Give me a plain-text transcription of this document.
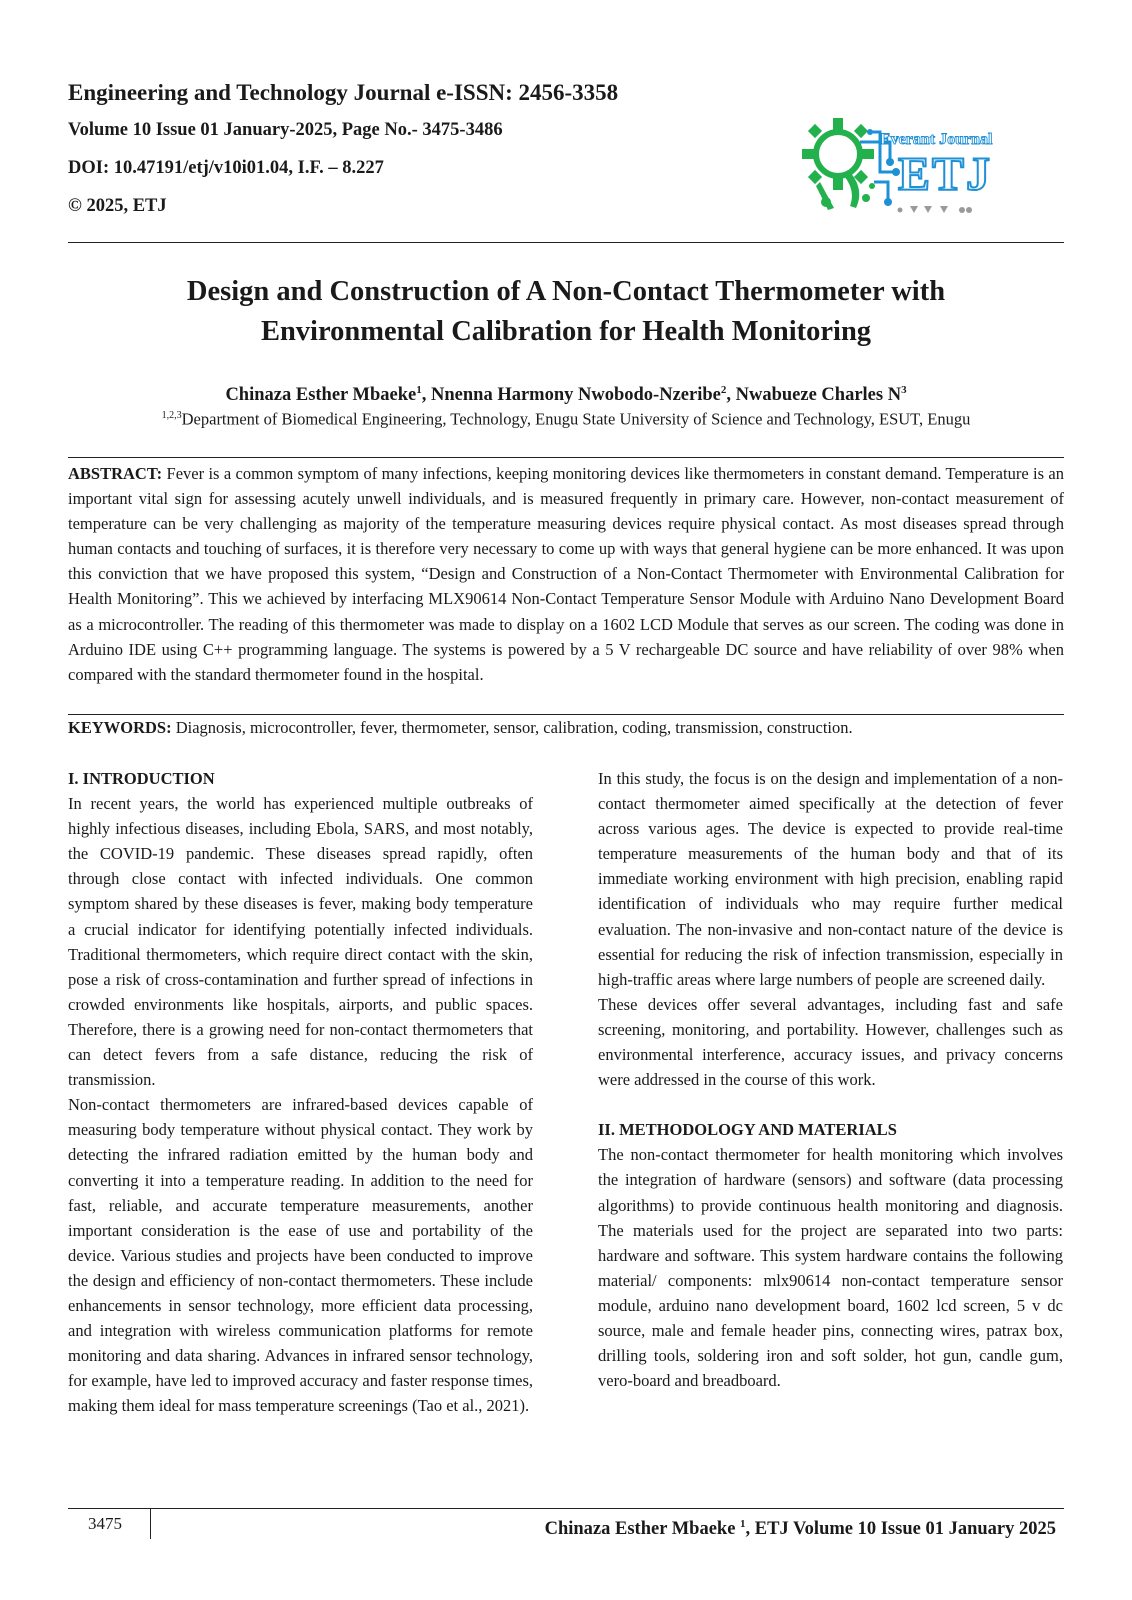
Engineering and Technology Journal e-ISSN: 2456-3358
Volume 10 Issue 01 January-2025, Page No.- 3475-3486
DOI: 10.47191/etj/v10i01.04, I.F. – 8.227
© 2025, ETJ
Everant Journal
ETJ
Design and Construction of A Non-Contact Thermometer with
Environmental Calibration for Health Monitoring
Chinaza Esther Mbaeke$^1$, Nnenna Harmony Nwobodo-Nzeribe$^2$, Nwabueze Charles $N^3$
$^{1,2,3}$Department of Biomedical Engineering, Technology, Enugu State University of Science and Technology, ESUT, Enugu
ABSTRACT: Fever is a common symptom of many infections, keeping monitoring devices like thermometers in constant demand. Temperature is an important vital sign for assessing acutely unwell individuals, and is measured frequently in primary care. However, non-contact measurement of temperature can be very challenging as majority of the temperature measuring devices require physical contact. As most diseases spread through human contacts and touching of surfaces, it is therefore very necessary to come up with ways that general hygiene can be more enhanced. It was upon this conviction that we have proposed this system, “Design and Construction of a Non-Contact Thermometer with Environmental Calibration for Health Monitoring”. This we achieved by interfacing MLX90614 Non-Contact Temperature Sensor Module with Arduino Nano Development Board as a microcontroller. The reading of this thermometer was made to display on a 1602 LCD Module that serves as our screen. The coding was done in Arduino IDE using C++ programming language. The systems is powered by a 5 V rechargeable DC source and have reliability of over 98% when compared with the standard thermometer found in the hospital.
KEYWORDS: Diagnosis, microcontroller, fever, thermometer, sensor, calibration, coding, transmission, construction.
I. INTRODUCTION

In recent years, the world has experienced multiple outbreaks of highly infectious diseases, including Ebola, SARS, and most notably, the COVID-19 pandemic. These diseases spread rapidly, often through close contact with infected individuals. One common symptom shared by these diseases is fever, making body temperature a crucial indicator for identifying potentially infected individuals. Traditional thermometers, which require direct contact with the skin, pose a risk of cross-contamination and further spread of infections in crowded environments like hospitals, airports, and public spaces. Therefore, there is a growing need for non-contact thermometers that can detect fevers from a safe distance, reducing the risk of transmission.

Non-contact thermometers are infrared-based devices capable of measuring body temperature without physical contact. They work by detecting the infrared radiation emitted by the human body and converting it into a temperature reading. In addition to the need for fast, reliable, and accurate temperature measurements, another important consideration is the ease of use and portability of the device. Various studies and projects have been conducted to improve the design and efficiency of non-contact thermometers. These include enhancements in sensor technology, more efficient data processing, and integration with wireless communication platforms for remote monitoring and data sharing. Advances in infrared sensor technology, for example, have led to improved accuracy and faster response times, making them ideal for mass temperature screenings (Tao et al., 2021).

In this study, the focus is on the design and implementation of a non-contact thermometer aimed specifically at the detection of fever across various ages. The device is expected to provide real-time temperature measurements of the human body and that of its immediate working environment with high precision, enabling rapid identification of individuals who may require further medical evaluation. The non-invasive and non-contact nature of the device is essential for reducing the risk of infection transmission, especially in high-traffic areas where large numbers of people are screened daily.

These devices offer several advantages, including fast and safe screening, monitoring, and portability. However, challenges such as environmental interference, accuracy issues, and privacy concerns were addressed in the course of this work.

II. METHODOLOGY AND MATERIALS

The non-contact thermometer for health monitoring which involves the integration of hardware (sensors) and software (data processing algorithms) to provide continuous health monitoring and diagnosis. The materials used for the project are separated into two parts: hardware and software. This system hardware contains the following material/ components: mlx90614 non-contact temperature sensor module, arduino nano development board, 1602 lcd screen, 5 v dc source, male and female header pins, connecting wires, patrax box, drilling tools, soldering iron and soft solder, hot gun, candle gum, vero-board and breadboard.

3475	Chinaza Esther Mbaeke $^1$, ETJ Volume 10 Issue 01 January 2025
